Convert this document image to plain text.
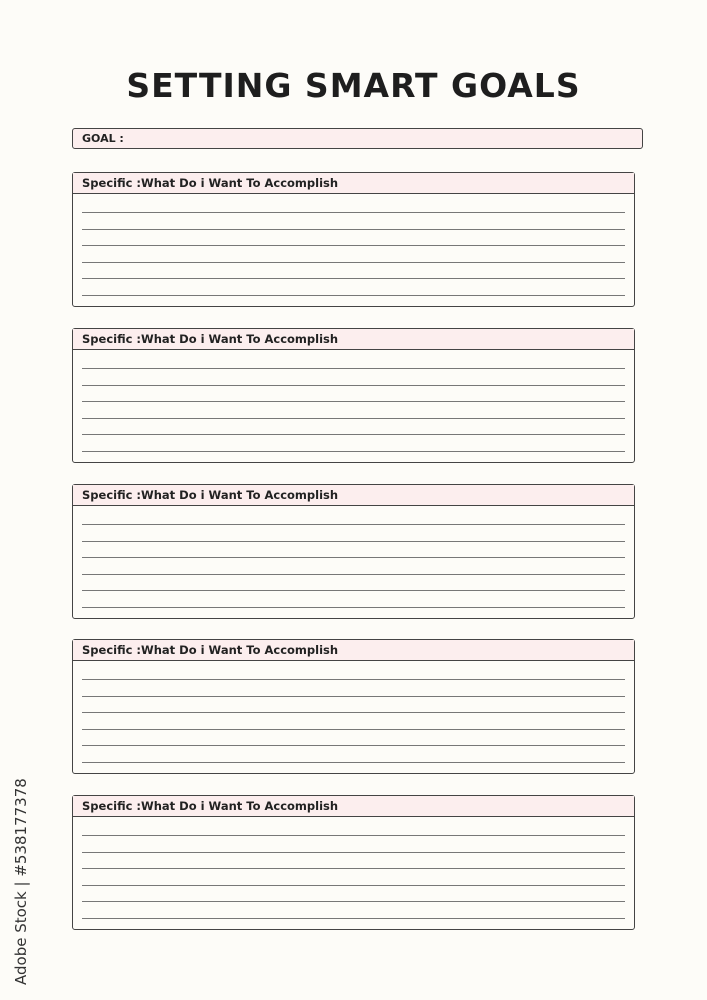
SETTING SMART GOALS
GOAL :
Specific :What Do i Want To Accomplish
Specific :What Do i Want To Accomplish
Specific :What Do i Want To Accomplish
Specific :What Do i Want To Accomplish
Specific :What Do i Want To Accomplish
Adobe Stock | #538177378
